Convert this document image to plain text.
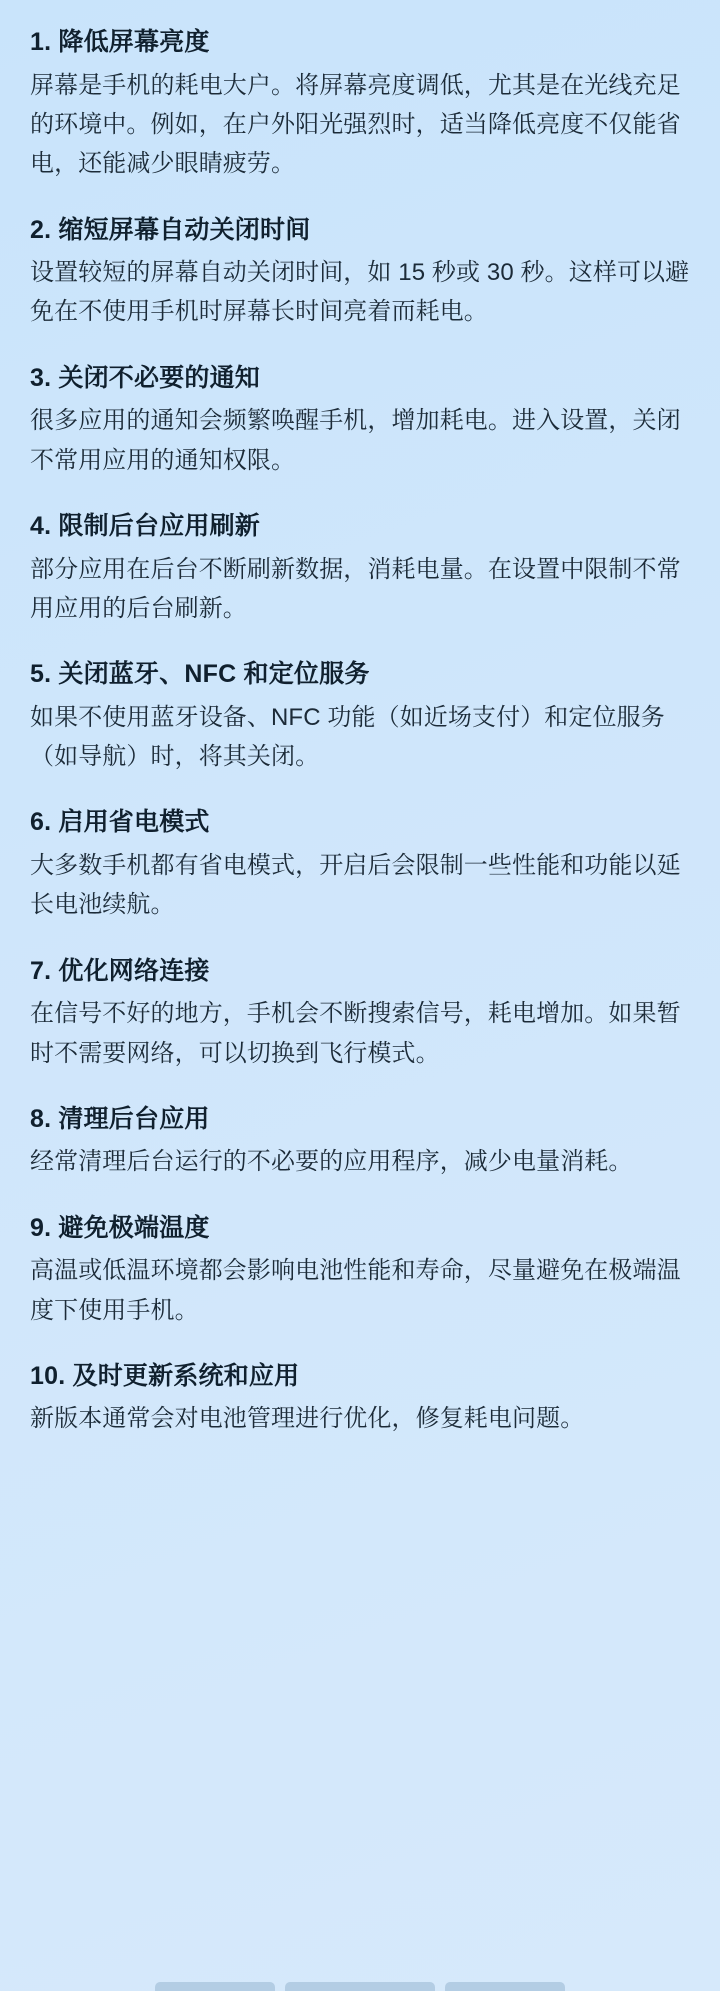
1. 降低屏幕亮度

屏幕是手机的耗电大户。将屏幕亮度调低，尤其是在光线充足的环境中。例如，在户外阳光强烈时，适当降低亮度不仅能省电，还能减少眼睛疲劳。

2. 缩短屏幕自动关闭时间

设置较短的屏幕自动关闭时间，如 15 秒或 30 秒。这样可以避免在不使用手机时屏幕长时间亮着而耗电。

3. 关闭不必要的通知

很多应用的通知会频繁唤醒手机，增加耗电。进入设置，关闭不常用应用的通知权限。

4. 限制后台应用刷新

部分应用在后台不断刷新数据，消耗电量。在设置中限制不常用应用的后台刷新。

5. 关闭蓝牙、NFC 和定位服务

如果不使用蓝牙设备、NFC 功能（如近场支付）和定位服务（如导航）时，将其关闭。

6. 启用省电模式

大多数手机都有省电模式，开启后会限制一些性能和功能以延长电池续航。

7. 优化网络连接

在信号不好的地方，手机会不断搜索信号，耗电增加。如果暂时不需要网络，可以切换到飞行模式。

8. 清理后台应用

经常清理后台运行的不必要的应用程序，减少电量消耗。

9. 避免极端温度

高温或低温环境都会影响电池性能和寿命，尽量避免在极端温度下使用手机。

10. 及时更新系统和应用

新版本通常会对电池管理进行优化，修复耗电问题。
